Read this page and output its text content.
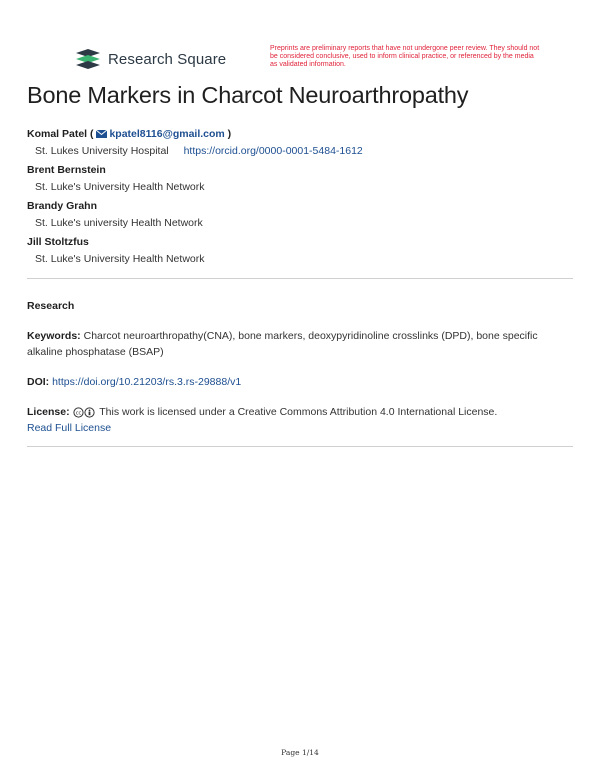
Research Square
Preprints are preliminary reports that have not undergone peer review. They should not be considered conclusive, used to inform clinical practice, or referenced by the media as validated information.
Bone Markers in Charcot Neuroarthropathy
Komal Patel ( kpatel8116@gmail.com )
St. Lukes University Hospital https://orcid.org/0000-0001-5484-1612
Brent Bernstein
St. Luke's University Health Network
Brandy Grahn
St. Luke's university Health Network
Jill Stoltzfus
St. Luke's University Health Network
Research
Keywords: Charcot neuroarthropathy(CNA), bone markers, deoxypyridinoline crosslinks (DPD), bone specific alkaline phosphatase (BSAP)
DOI: https://doi.org/10.21203/rs.3.rs-29888/v1
License: cc This work is licensed under a Creative Commons Attribution 4.0 International License.
Read Full License
Page 1/14
